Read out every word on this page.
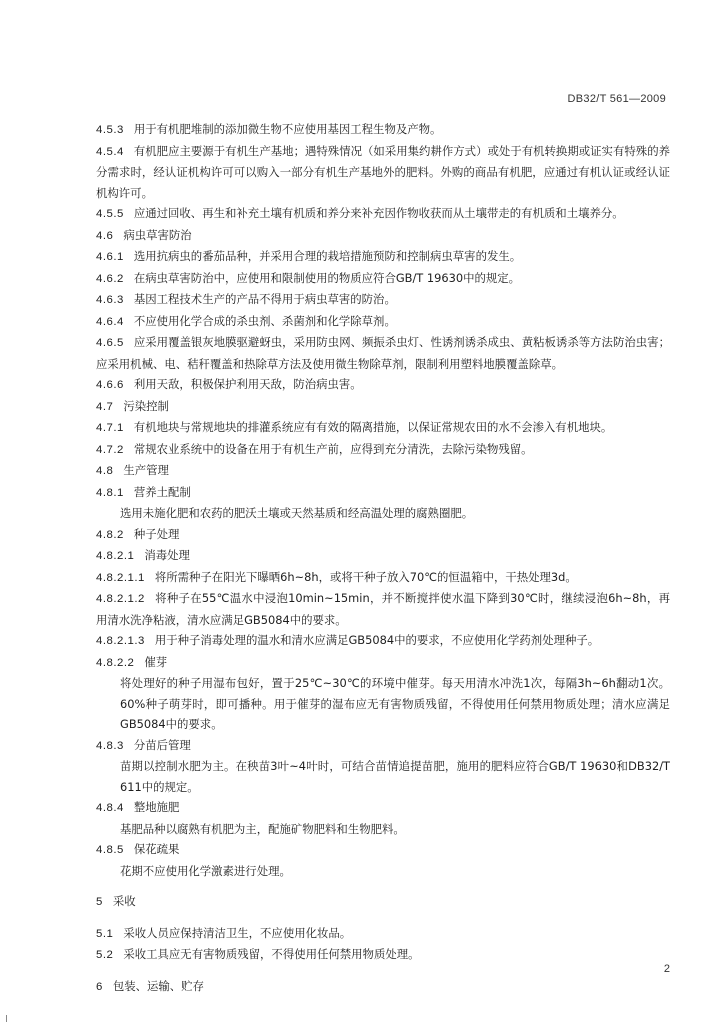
DB32/T 561—2009

4.5.3 用于有机肥堆制的添加微生物不应使用基因工程生物及产物。

4.5.4 有机肥应主要源于有机生产基地；遇特殊情况（如采用集约耕作方式）或处于有机转换期或证实有特殊的养分需求时，经认证机构许可可以购入一部分有机生产基地外的肥料。外购的商品有机肥，应通过有机认证或经认证机构许可。

4.5.5 应通过回收、再生和补充土壤有机质和养分来补充因作物收获而从土壤带走的有机质和土壤养分。

4.6 病虫草害防治

4.6.1 选用抗病虫的番茄品种，并采用合理的栽培措施预防和控制病虫草害的发生。

4.6.2 在病虫草害防治中，应使用和限制使用的物质应符合GB/T 19630中的规定。

4.6.3 基因工程技术生产的产品不得用于病虫草害的防治。

4.6.4 不应使用化学合成的杀虫剂、杀菌剂和化学除草剂。

4.6.5 应采用覆盖银灰地膜驱避蚜虫，采用防虫网、频振杀虫灯、性诱剂诱杀成虫、黄粘板诱杀等方法防治虫害；应采用机械、电、秸秆覆盖和热除草方法及使用微生物除草剂，限制利用塑料地膜覆盖除草。

4.6.6 利用天敌，积极保护利用天敌，防治病虫害。

4.7 污染控制

4.7.1 有机地块与常规地块的排灌系统应有有效的隔离措施，以保证常规农田的水不会渗入有机地块。

4.7.2 常规农业系统中的设备在用于有机生产前，应得到充分清洗，去除污染物残留。

4.8 生产管理

4.8.1 营养土配制

选用未施化肥和农药的肥沃土壤或天然基质和经高温处理的腐熟圈肥。

4.8.2 种子处理

4.8.2.1 消毒处理

4.8.2.1.1 将所需种子在阳光下曝晒6h~8h，或将干种子放入70℃的恒温箱中，干热处理3d。

4.8.2.1.2 将种子在55℃温水中浸泡10min~15min，并不断搅拌使水温下降到30℃时，继续浸泡6h~8h，再用清水洗净粘液，清水应满足GB5084中的要求。

4.8.2.1.3 用于种子消毒处理的温水和清水应满足GB5084中的要求，不应使用化学药剂处理种子。

4.8.2.2 催芽

将处理好的种子用湿布包好，置于25℃~30℃的环境中催芽。每天用清水冲洗1次，每隔3h~6h翻动1次。60%种子萌芽时，即可播种。用于催芽的湿布应无有害物质残留，不得使用任何禁用物质处理；清水应满足GB5084中的要求。

4.8.3 分苗后管理

苗期以控制水肥为主。在秧苗3叶~4叶时，可结合苗情追提苗肥，施用的肥料应符合GB/T 19630和DB32/T 611中的规定。

4.8.4 整地施肥

基肥品种以腐熟有机肥为主，配施矿物肥料和生物肥料。

4.8.5 保花疏果

花期不应使用化学激素进行处理。

5 采收

5.1 采收人员应保持清洁卫生，不应使用化妆品。

5.2 采收工具应无有害物质残留，不得使用任何禁用物质处理。

6 包装、运输、贮存

2
